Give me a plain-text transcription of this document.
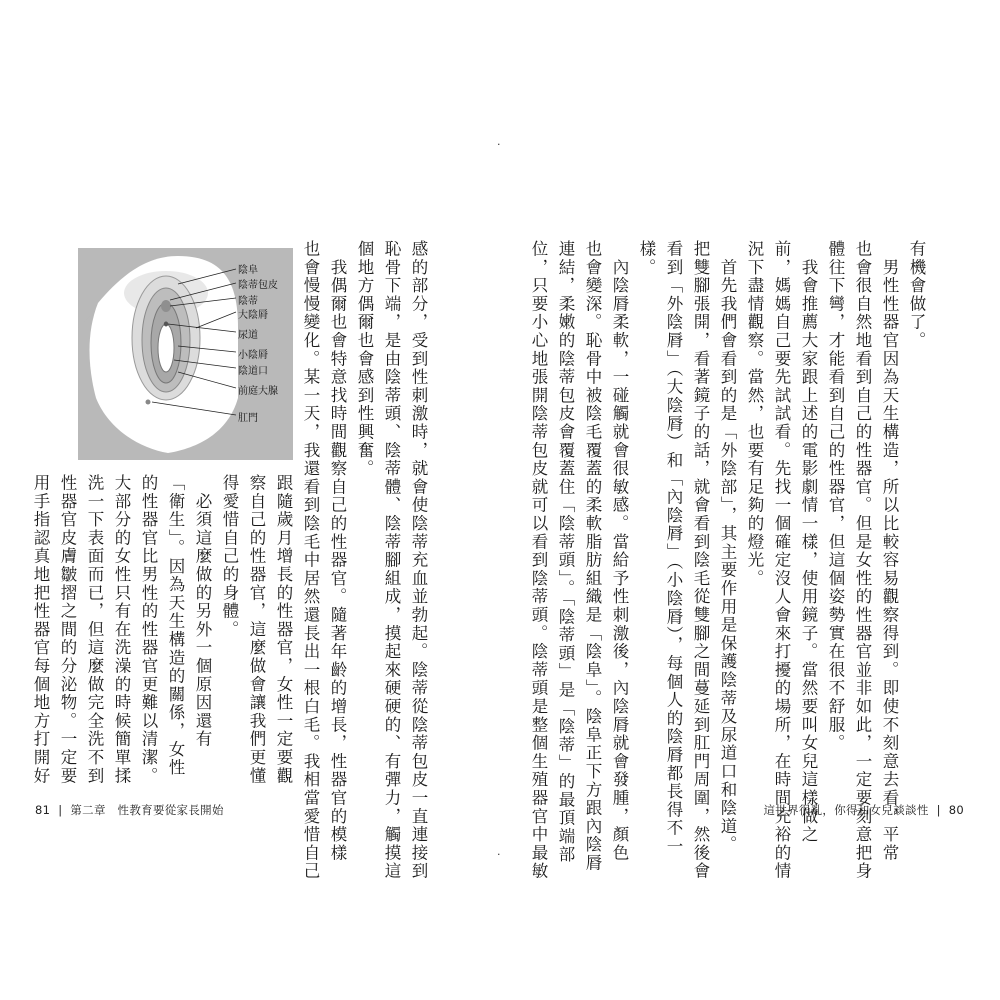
·
·
陰阜
陰蒂包皮
陰蒂
大陰脣
尿道
小陰脣
陰道口
前庭大腺
肛門	感的部分，受到性刺激時，就會使陰蒂充血並勃起。陰蒂從陰蒂包皮一直連接到
恥骨下端，是由陰蒂頭、陰蒂體、陰蒂腳組成，摸起來硬硬的、有彈力，觸摸這
個地方偶爾也會感到性興奮。
　我偶爾也會特意找時間觀察自己的性器官。隨著年齡的增長，性器官的模樣
也會慢慢變化。某一天，我還看到陰毛中居然還長出一根白毛。我相當愛惜自己
跟隨歲月增長的性器官，女性一定要觀
察自己的性器官，這麼做會讓我們更懂
得愛惜自己的身體。
　必須這麼做的另外一個原因還有
「衛生」。因為天生構造的關係，女性
的性器官比男性的性器官更難以清潔。
大部分的女性只有在洗澡的時候簡單揉
洗一下表面而已，但這麼做完全洗不到
性器官皮膚皺摺之間的分泌物。一定要
用手指認真地把性器官每個地方打開好
有機會做了。
　男性性器官因為天生構造，所以比較容易觀察得到。即使不刻意去看，平常
也會很自然地看到自己的性器官。但是女性的性器官並非如此，一定要刻意把身
體往下彎，才能看到自己的性器官，但這個姿勢實在很不舒服。
　我會推薦大家跟上述的電影劇情一樣，使用鏡子。當然要叫女兒這樣做之
前，媽媽自己要先試試看。先找一個確定沒人會來打擾的場所，在時間充裕的情
況下盡情觀察。當然，也要有足夠的燈光。
　首先我們會看到的是「外陰部」，其主要作用是保護陰蒂及尿道口和陰道。
把雙腳張開，看著鏡子的話，就會看到陰毛從雙腳之間蔓延到肛門周圍，然後會
看到「外陰脣」（大陰脣）和「內陰脣」（小陰脣），每個人的陰脣都長得不一
樣。
　內陰脣柔軟，一碰觸就會很敏感。當給予性刺激後，內陰脣就會發腫，顏色
也會變深。恥骨中被陰毛覆蓋的柔軟脂肪組織是「陰阜」。陰阜正下方跟內陰脣
連結，柔嫩的陰蒂包皮會覆蓋住「陰蒂頭」。「陰蒂頭」是「陰蒂」的最頂端部
位，只要小心地張開陰蒂包皮就可以看到陰蒂頭。陰蒂頭是整個生殖器官中最敏
81 | 第二章　性教育要從家長開始	這世界很亂，你得和女兒談談性 | 80
